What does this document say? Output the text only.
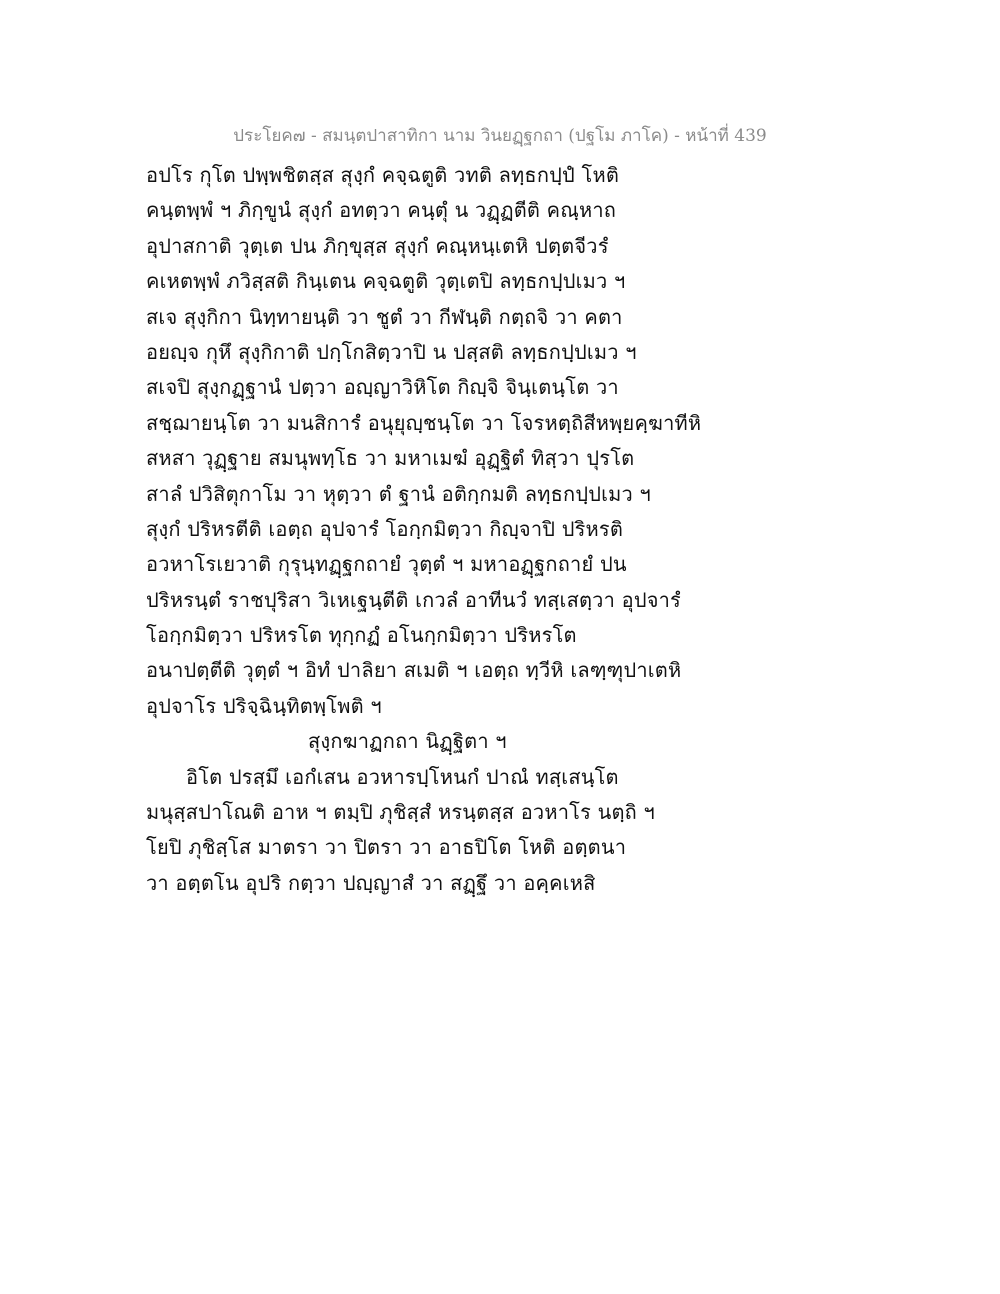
ประโยค๗ - สมนฺตปาสาทิกา นาม วินยฏฺฐกถา (ปฐโม ภาโค) - หน้าที่ 439
อปโร กุโต ปพฺพชิตสฺส สุงฺกํ คจฺฉตูติ วทติ ลทฺธกปฺปํ โหติ
คนฺตพฺพํ ฯ ภิกฺขูนํ สุงฺกํ อทตฺวา คนฺตุํ น วฏฺฏตีติ คณฺหาถ
อุปาสกาติ วุตฺเต ปน ภิกฺขุสฺส สุงฺกํ คณฺหนฺเตหิ ปตฺตจีวรํ
คเหตพฺพํ ภวิสฺสติ กินฺเตน คจฺฉตูติ วุตฺเตปิ ลทฺธกปฺปเมว ฯ
สเจ สุงฺกิกา นิทฺทายนฺติ วา ชูตํ วา กีฬนฺติ กตฺถจิ วา คตา
อยญฺจ กุหึ สุงฺกิกาติ ปกฺโกสิตฺวาปิ น ปสฺสติ ลทฺธกปฺปเมว ฯ
สเจปิ สุงฺกฏฺฐานํ ปตฺวา อญฺญาวิหิโต กิญฺจิ จินฺเตนฺโต วา
สชฺฌายนฺโต วา มนสิการํ อนุยุญฺชนฺโต วา โจรหตฺถิสีหพฺยคฺฆาทีหิ
สหสา วุฏฺฐาย สมนุพทฺโธ วา มหาเมฆํ อุฏฺฐิตํ ทิสฺวา ปุรโต
สาลํ ปวิสิตุกาโม วา หุตฺวา ตํ ฐานํ อติกฺกมติ ลทฺธกปฺปเมว ฯ
สุงฺกํ ปริหรตีติ เอตฺถ อุปจารํ โอกฺกมิตฺวา กิญฺจาปิ ปริหรติ
อวหาโรเยวาติ กุรุนฺทฏฺฐกถายํ วุตฺตํ ฯ มหาอฏฺฐกถายํ ปน
ปริหรนฺตํ ราชปุริสา วิเหเฐนฺตีติ เกวลํ อาทีนวํ ทสฺเสตฺวา อุปจารํ
โอกฺกมิตฺวา ปริหรโต ทุกฺกฏํ อโนกฺกมิตฺวา ปริหรโต
อนาปตฺตีติ วุตฺตํ ฯ อิทํ ปาลิยา สเมติ ฯ เอตฺถ ทฺวีหิ เลฑฺฑุปาเตหิ
อุปจาโร ปริจฺฉินฺทิตพฺโพติ ฯ
สุงฺกฆาฏกถา นิฏฺฐิตา ฯ
อิโต ปรสฺมึ เอกํเสน อวหารปฺโหนกํ ปาณํ ทสฺเสนฺโต
มนุสฺสปาโณติ อาห ฯ ตมฺปิ ภุชิสฺสํ หรนฺตสฺส อวหาโร นตฺถิ ฯ
โยปิ ภุชิสฺโส มาตรา วา ปิตรา วา อาธปิโต โหติ อตฺตนา
วา อตฺตโน อุปริ กตฺวา ปญฺญาสํ วา สฏฺฐึ วา อคฺคเหสิ
